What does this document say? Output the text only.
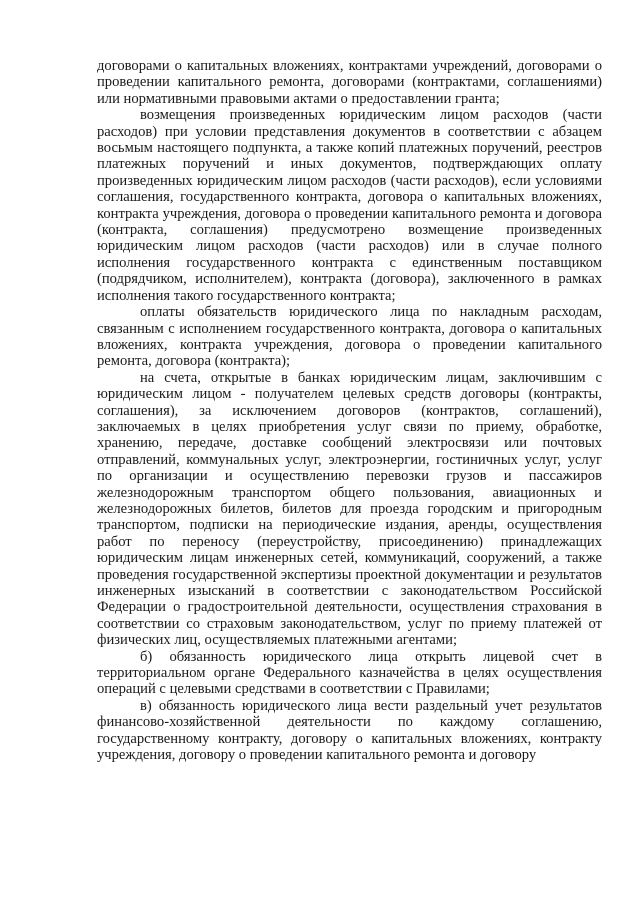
договорами о капитальных вложениях, контрактами учреждений, договорами о проведении капитального ремонта, договорами (контрактами, соглашениями) или нормативными правовыми актами о предоставлении гранта;

возмещения произведенных юридическим лицом расходов (части расходов) при условии представления документов в соответствии с абзацем восьмым настоящего подпункта, а также копий платежных поручений, реестров платежных поручений и иных документов, подтверждающих оплату произведенных юридическим лицом расходов (части расходов), если условиями соглашения, государственного контракта, договора о капитальных вложениях, контракта учреждения, договора о проведении капитального ремонта и договора (контракта, соглашения) предусмотрено возмещение произведенных юридическим лицом расходов (части расходов) или в случае полного исполнения государственного контракта с единственным поставщиком (подрядчиком, исполнителем), контракта (договора), заключенного в рамках исполнения такого государственного контракта;

оплаты обязательств юридического лица по накладным расходам, связанным с исполнением государственного контракта, договора о капитальных вложениях, контракта учреждения, договора о проведении капитального ремонта, договора (контракта);

на счета, открытые в банках юридическим лицам, заключившим с юридическим лицом - получателем целевых средств договоры (контракты, соглашения), за исключением договоров (контрактов, соглашений), заключаемых в целях приобретения услуг связи по приему, обработке, хранению, передаче, доставке сообщений электросвязи или почтовых отправлений, коммунальных услуг, электроэнергии, гостиничных услуг, услуг по организации и осуществлению перевозки грузов и пассажиров железнодорожным транспортом общего пользования, авиационных и железнодорожных билетов, билетов для проезда городским и пригородным транспортом, подписки на периодические издания, аренды, осуществления работ по переносу (переустройству, присоединению) принадлежащих юридическим лицам инженерных сетей, коммуникаций, сооружений, а также проведения государственной экспертизы проектной документации и результатов инженерных изысканий в соответствии с законодательством Российской Федерации о градостроительной деятельности, осуществления страхования в соответствии со страховым законодательством, услуг по приему платежей от физических лиц, осуществляемых платежными агентами;

б) обязанность юридического лица открыть лицевой счет в территориальном органе Федерального казначейства в целях осуществления операций с целевыми средствами в соответствии с Правилами;

в) обязанность юридического лица вести раздельный учет результатов финансово-хозяйственной деятельности по каждому соглашению, государственному контракту, договору о капитальных вложениях, контракту учреждения, договору о проведении капитального ремонта и договору
